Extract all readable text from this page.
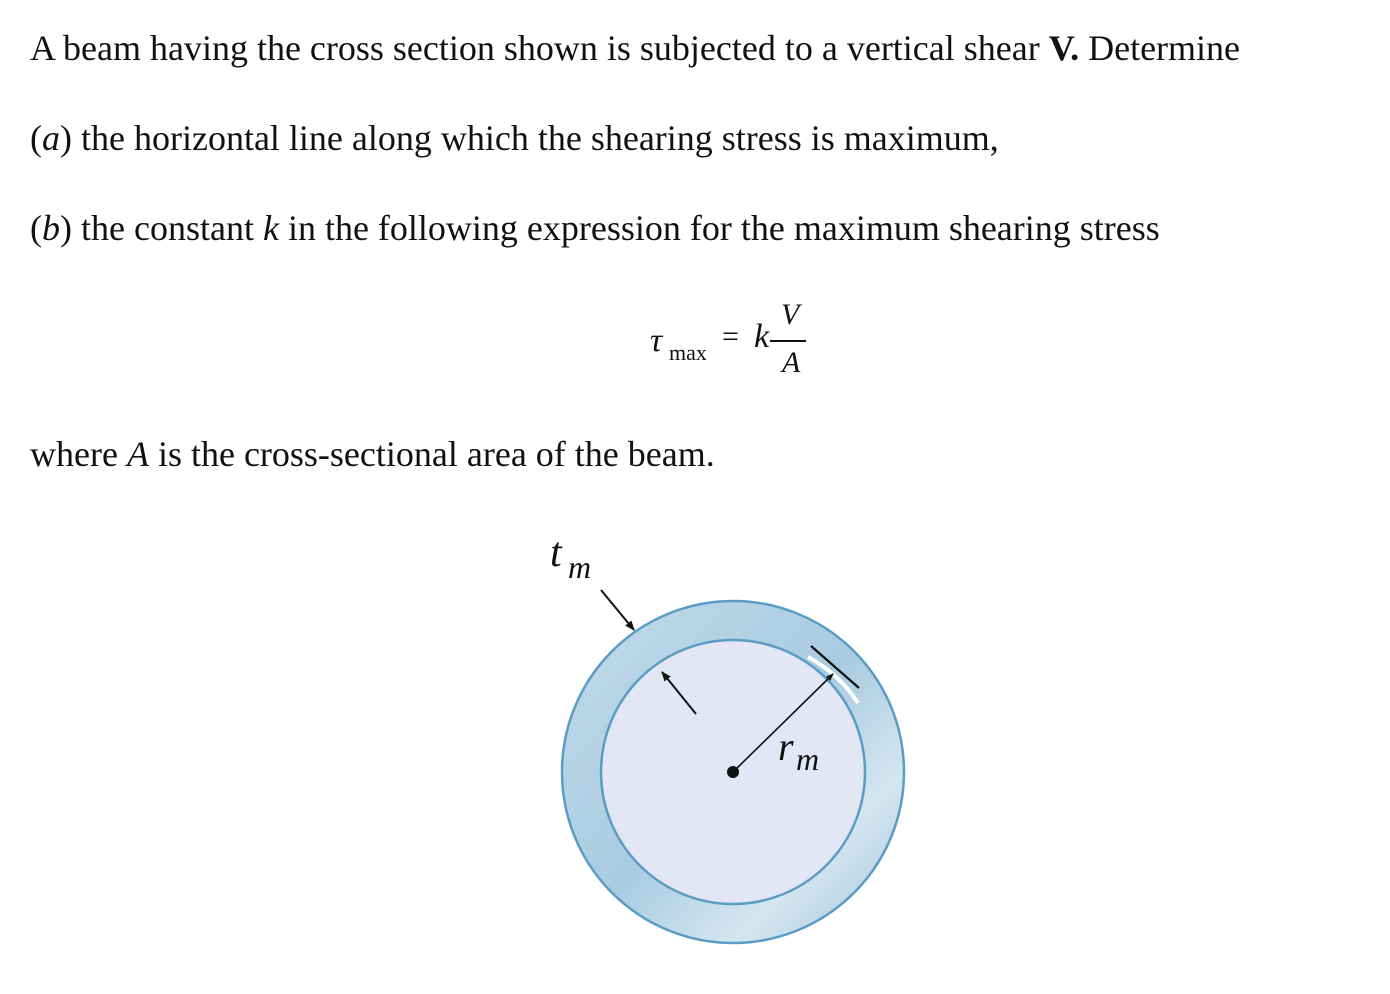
A beam having the cross section shown is subjected to a vertical shear V. Determine
(a) the horizontal line along which the shearing stress is maximum,
(b) the constant k in the following expression for the maximum shearing stress
τ max = k
V
A
where A is the cross-sectional area of the beam.
t m
r m
